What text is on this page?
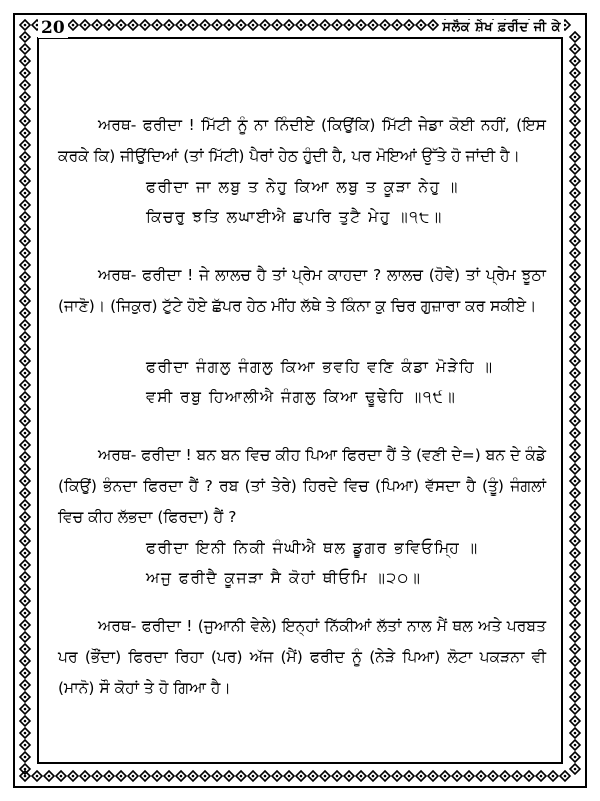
20	ਸਲੋਕ ਸ਼ੇਖ ਫ਼ਰੀਦ ਜੀ ਕੇ

ਅਰਥ- ਫਰੀਦਾ ! ਮਿੱਟੀ ਨੂੰ ਨਾ ਨਿੰਦੀਏ (ਕਿਉਂਕਿ) ਮਿੱਟੀ ਜੇਡਾ ਕੋਈ ਨਹੀਂ, (ਇਸ ਕਰਕੇ ਕਿ) ਜੀਉਂਦਿਆਂ (ਤਾਂ ਮਿੱਟੀ) ਪੈਰਾਂ ਹੇਠ ਹੁੰਦੀ ਹੈ, ਪਰ ਮੋਇਆਂ ਉੱਤੇ ਹੋ ਜਾਂਦੀ ਹੈ।

ਫਰੀਦਾ ਜਾ ਲਬੁ ਤ ਨੇਹੁ ਕਿਆ ਲਬੁ ਤ ਕੂੜਾ ਨੇਹੁ ॥

ਕਿਚਰੁ ਝਤਿ ਲਘਾਈਐ ਛਪਰਿ ਤੁਟੈ ਮੇਹੁ ॥੧੮॥

ਅਰਥ- ਫਰੀਦਾ ! ਜੇ ਲਾਲਚ ਹੈ ਤਾਂ ਪ੍ਰੇਮ ਕਾਹਦਾ ? ਲਾਲਚ (ਹੋਵੇ) ਤਾਂ ਪ੍ਰੇਮ ਝੂਠਾ (ਜਾਣੋ)। (ਜਿਕੁਰ) ਟੁੱਟੇ ਹੋਏ ਛੱਪਰ ਹੇਠ ਮੀਂਹ ਲੱਥੇ ਤੇ ਕਿੰਨਾ ਕੁ ਚਿਰ ਗੁਜ਼ਾਰਾ ਕਰ ਸਕੀਏ।

ਫਰੀਦਾ ਜੰਗਲੁ ਜੰਗਲੁ ਕਿਆ ਭਵਹਿ ਵਣਿ ਕੰਡਾ ਮੋੜੇਹਿ ॥

ਵਸੀ ਰਬੁ ਹਿਆਲੀਐ ਜੰਗਲੁ ਕਿਆ ਢੂਢੇਹਿ ॥੧੯॥

ਅਰਥ- ਫਰੀਦਾ ! ਬਨ ਬਨ ਵਿਚ ਕੀਹ ਪਿਆ ਫਿਰਦਾ ਹੈਂ ਤੇ (ਵਣੀ ਦੇ=) ਬਨ ਦੇ ਕੰਡੇ (ਕਿਉਂ) ਭੰਨਦਾ ਫਿਰਦਾ ਹੈਂ ? ਰਬ (ਤਾਂ ਤੇਰੇ) ਹਿਰਦੇ ਵਿਚ (ਪਿਆ) ਵੱਸਦਾ ਹੈ (ਤੂੰ) ਜੰਗਲਾਂ ਵਿਚ ਕੀਹ ਲੱਭਦਾ (ਫਿਰਦਾ) ਹੈਂ ?

ਫਰੀਦਾ ਇਨੀ ਨਿਕੀ ਜੰਘੀਐ ਥਲ ਡੂਗਰ ਭਵਿਓਮ੍ਹਿ ॥

ਅਜੁ ਫਰੀਦੈ ਕੂਜੜਾ ਸੈ ਕੋਹਾਂ ਥੀਓਮਿ ॥੨੦॥

ਅਰਥ- ਫਰੀਦਾ ! (ਜੁਆਨੀ ਵੇਲੇ) ਇਨ੍ਹਾਂ ਨਿੱਕੀਆਂ ਲੱਤਾਂ ਨਾਲ ਮੈਂ ਥਲ ਅਤੇ ਪਰਬਤ ਪਰ (ਭੌਂਦਾ) ਫਿਰਦਾ ਰਿਹਾ (ਪਰ) ਅੱਜ (ਮੈਂ) ਫਰੀਦ ਨੂੰ (ਨੇੜੇ ਪਿਆ) ਲੋਟਾ ਪਕੜਨਾ ਵੀ (ਮਾਨੋ) ਸੌ ਕੋਹਾਂ ਤੇ ਹੋ ਗਿਆ ਹੈ।
